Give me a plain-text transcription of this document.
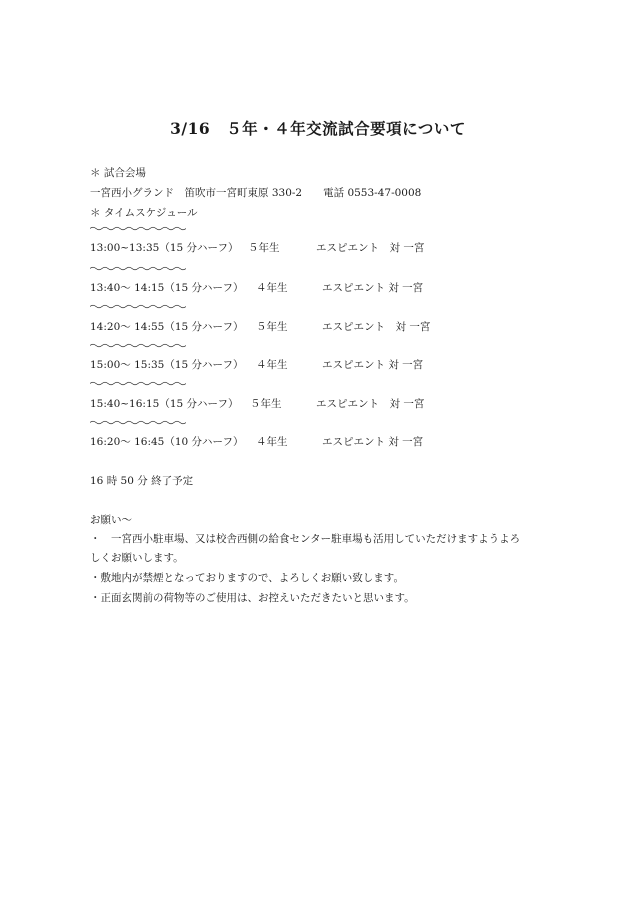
3/16　５年・４年交流試合要項について
＊ 試合会場
一宮西小グランド　笛吹市一宮町東原 330-2　　電話 0553-47-0008
＊ タイムスケジュール
13:00~13:35（15 分ハーフ） ５年生	エスピエント　対 一宮
13:40～ 14:15（15 分ハーフ） ４年生	エスピエント 対 一宮
14:20～ 14:55（15 分ハーフ） ５年生	エスピエント　対 一宮
15:00～ 15:35（15 分ハーフ） ４年生	エスピエント 対 一宮
15:40~16:15（15 分ハーフ） ５年生	エスピエント　対 一宮
16:20～ 16:45（10 分ハーフ） ４年生	エスピエント 対 一宮
16 時 50 分 終了予定
お願い～
・　一宮西小駐車場、又は校舎西側の給食センター駐車場も活用していただけますようよろ
しくお願いします。
・敷地内が禁煙となっておりますので、よろしくお願い致します。
・正面玄関前の荷物等のご使用は、お控えいただきたいと思います。
